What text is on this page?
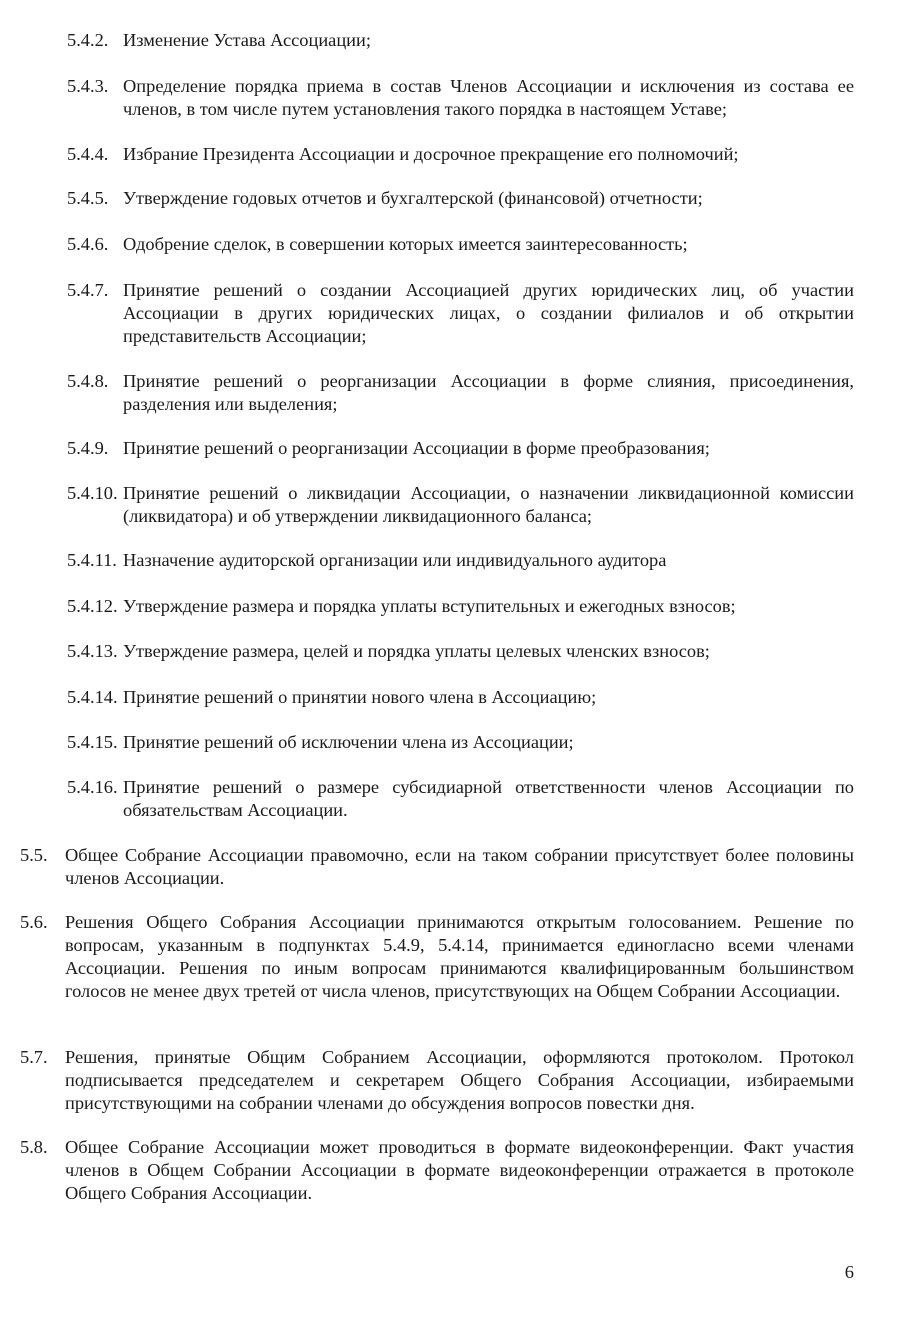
5.4.2. Изменение Устава Ассоциации;
5.4.3. Определение порядка приема в состав Членов Ассоциации и исключения из состава ее членов, в том числе путем установления такого порядка в настоящем Уставе;
5.4.4. Избрание Президента Ассоциации и досрочное прекращение его полномочий;
5.4.5. Утверждение годовых отчетов и бухгалтерской (финансовой) отчетности;
5.4.6. Одобрение сделок, в совершении которых имеется заинтересованность;
5.4.7. Принятие решений о создании Ассоциацией других юридических лиц, об участии Ассоциации в других юридических лицах, о создании филиалов и об открытии представительств Ассоциации;
5.4.8. Принятие решений о реорганизации Ассоциации в форме слияния, присоединения, разделения или выделения;
5.4.9. Принятие решений о реорганизации Ассоциации в форме преобразования;
5.4.10. Принятие решений о ликвидации Ассоциации, о назначении ликвидационной комиссии (ликвидатора) и об утверждении ликвидационного баланса;
5.4.11. Назначение аудиторской организации или индивидуального аудитора
5.4.12. Утверждение размера и порядка уплаты вступительных и ежегодных взносов;
5.4.13. Утверждение размера, целей и порядка уплаты целевых членских взносов;
5.4.14. Принятие решений о принятии нового члена в Ассоциацию;
5.4.15. Принятие решений об исключении члена из Ассоциации;
5.4.16. Принятие решений о размере субсидиарной ответственности членов Ассоциации по обязательствам Ассоциации.
5.5. Общее Собрание Ассоциации правомочно, если на таком собрании присутствует более половины членов Ассоциации.
5.6. Решения Общего Собрания Ассоциации принимаются открытым голосованием. Решение по вопросам, указанным в подпунктах 5.4.9, 5.4.14, принимается единогласно всеми членами Ассоциации. Решения по иным вопросам принимаются квалифицированным большинством голосов не менее двух третей от числа членов, присутствующих на Общем Собрании Ассоциации.
5.7. Решения, принятые Общим Собранием Ассоциации, оформляются протоколом. Протокол подписывается председателем и секретарем Общего Собрания Ассоциации, избираемыми присутствующими на собрании членами до обсуждения вопросов повестки дня.
5.8. Общее Собрание Ассоциации может проводиться в формате видеоконференции. Факт участия членов в Общем Собрании Ассоциации в формате видеоконференции отражается в протоколе Общего Собрания Ассоциации.
6
